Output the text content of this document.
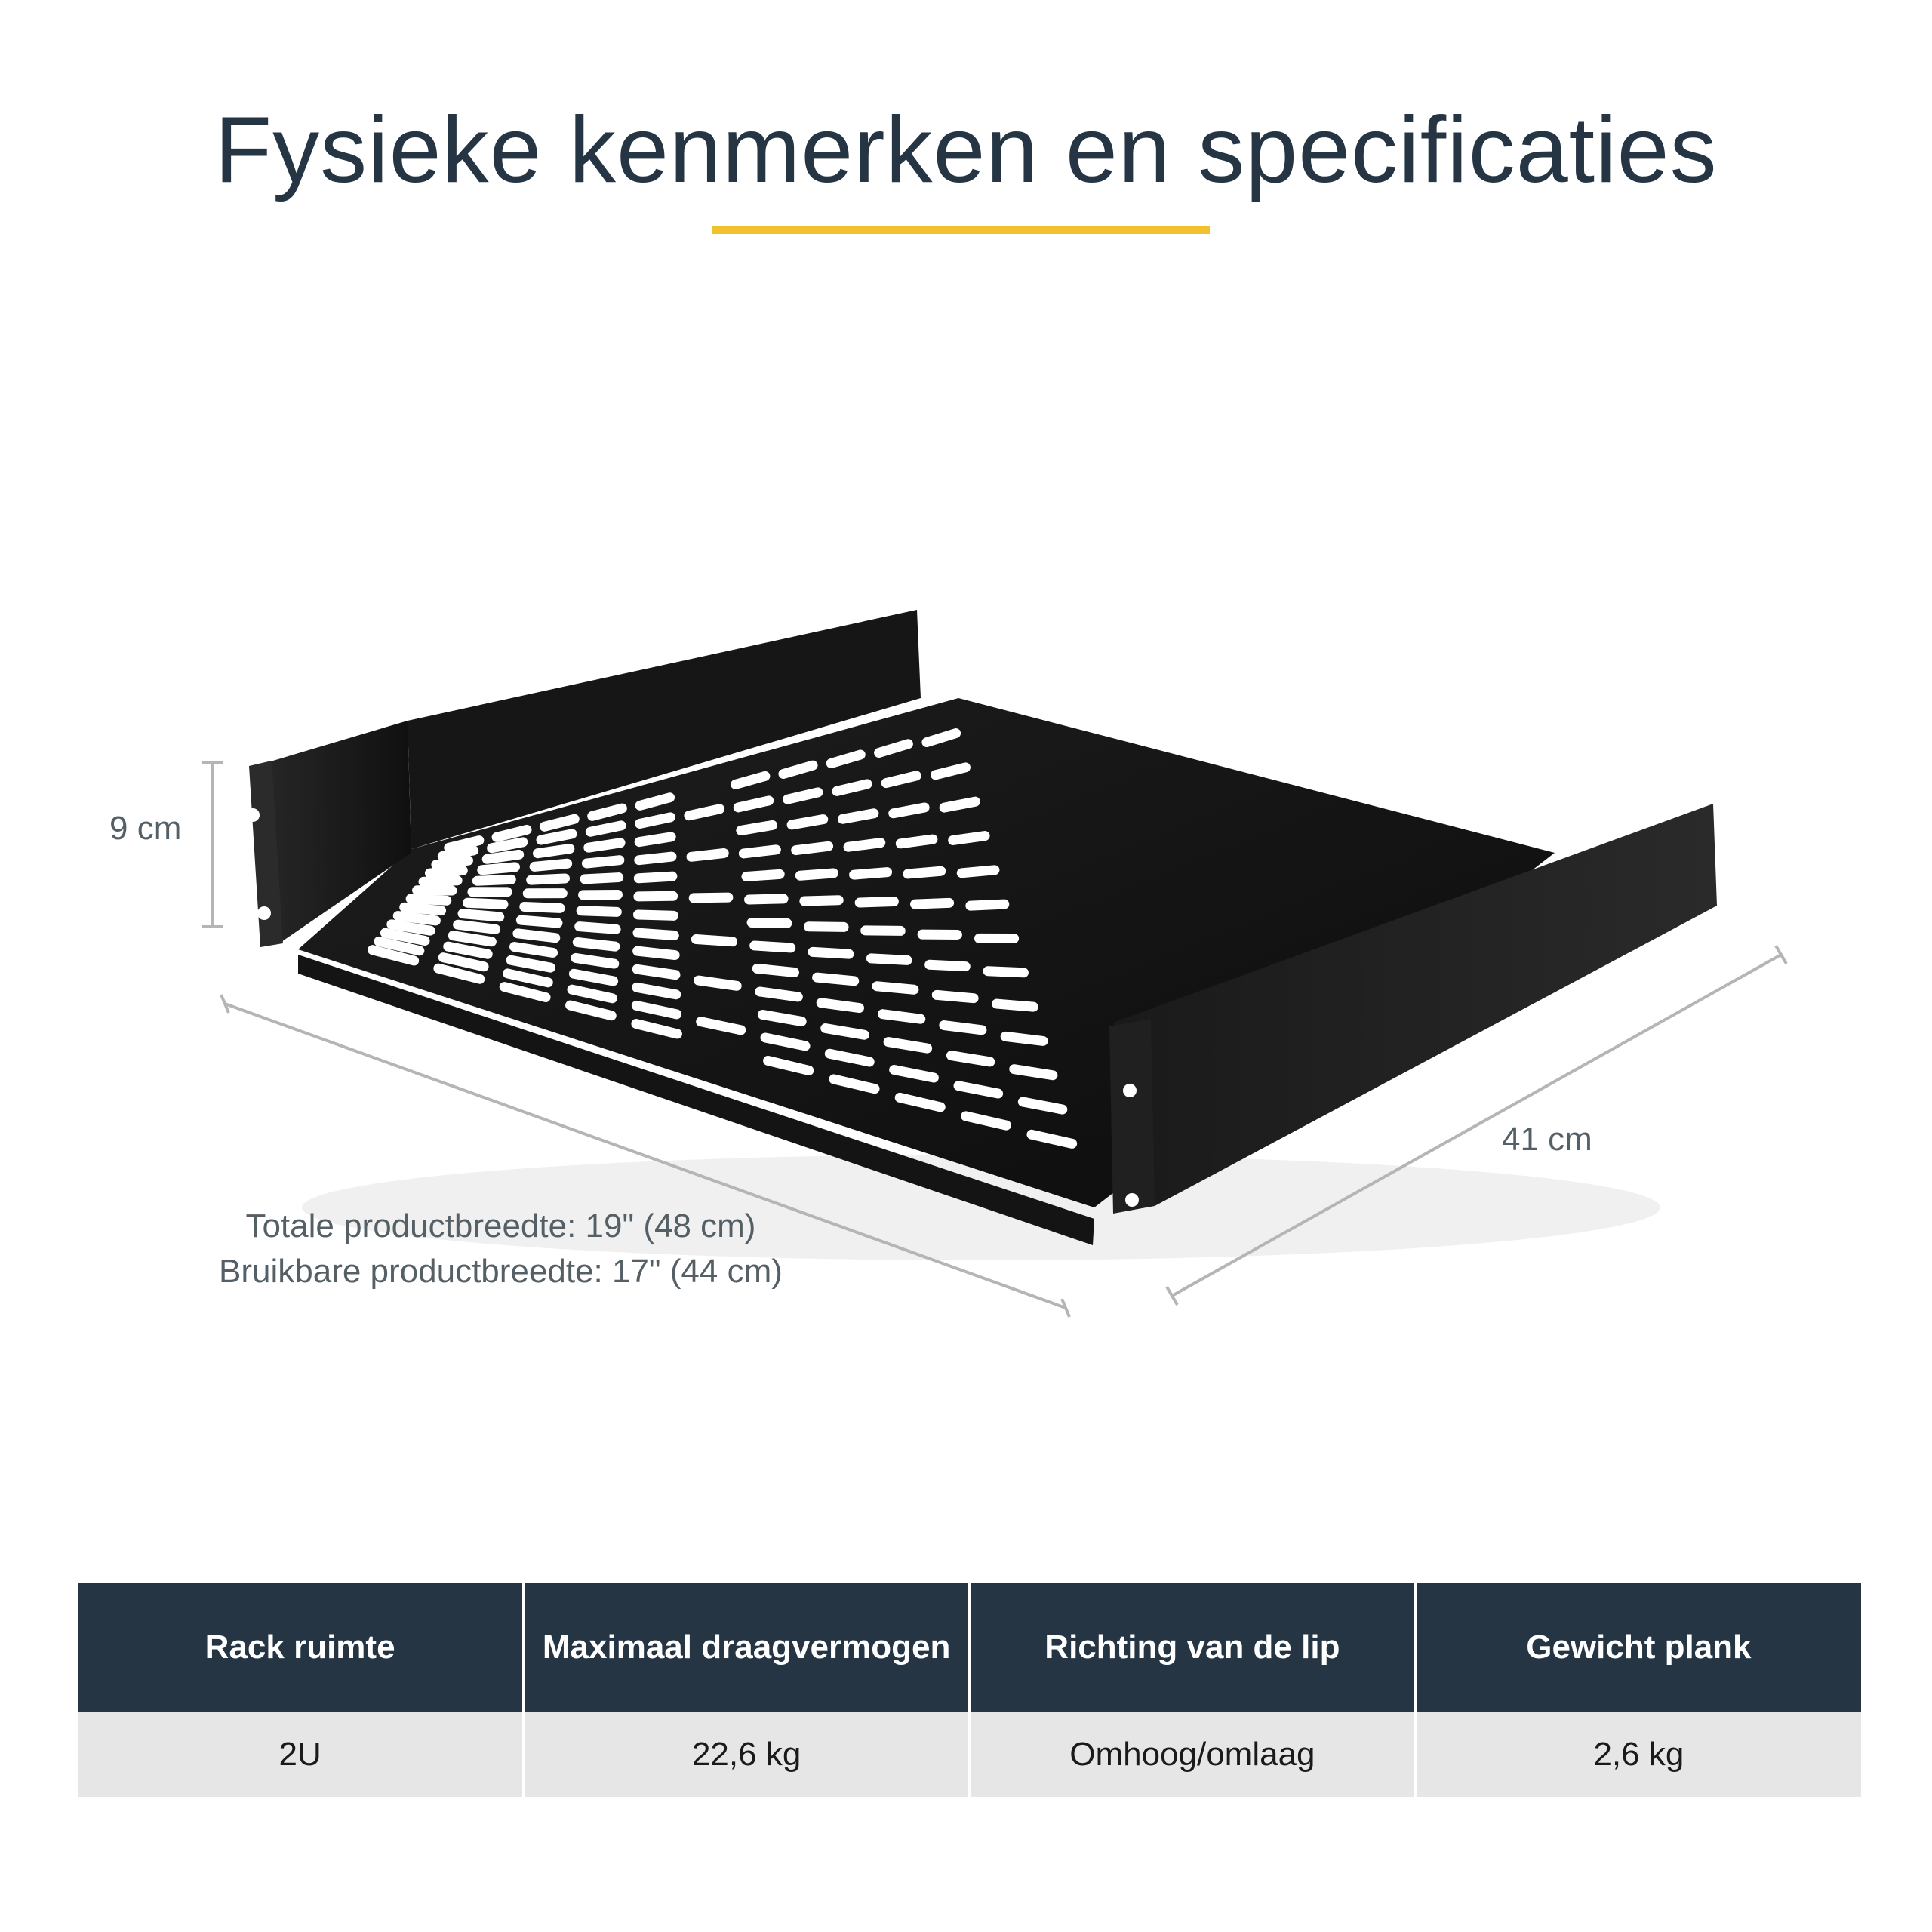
Fysieke kenmerken en specificaties
9 cm
41 cm
Totale productbreedte: 19" (48 cm)
Bruikbare productbreedte: 17" (44 cm)
Rack ruimte	Maximaal draagvermogen	Richting van de lip	Gewicht plank
2U	22,6 kg	Omhoog/omlaag	2,6 kg
